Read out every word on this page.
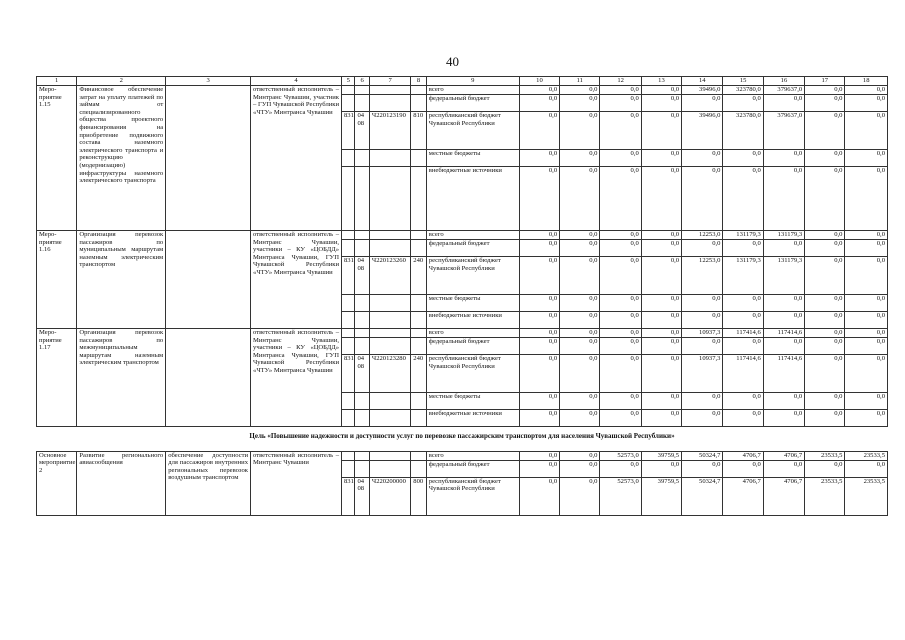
40
1	2	3	4	5	6	7	8	9	10	11	12	13	14	15	16	17	18
Меро-приятие 1.15	Финансовое обеспечение затрат на уплату платежей по займам от специализированного общества проектного финансирования на приобретение подвижного состава наземного электрического транспорта и реконструкцию (модернизацию) инфраструктуры наземного электрического транспорта		ответственный исполнитель – Минтранс Чувашии, участник – ГУП Чувашской Республики «ЧТУ» Минтранса Чувашии					всего	0,0	0,0	0,0	0,0	39496,0	323780,0	379637,0	0,0	0,0
								федеральный бюджет	0,0	0,0	0,0	0,0	0,0	0,0	0,0	0,0	0,0
				831	04 08	Ч220123190	810	республиканский бюджет Чувашской Республики	0,0	0,0	0,0	0,0	39496,0	323780,0	379637,0	0,0	0,0
								местные бюджеты	0,0	0,0	0,0	0,0	0,0	0,0	0,0	0,0	0,0
								внебюджетные источники	0,0	0,0	0,0	0,0	0,0	0,0	0,0	0,0	0,0
Меро-приятие 1.16	Организация перевозок пассажиров по муниципальным маршрутам наземным электрическим транспортом		ответственный исполнитель – Минтранс Чувашии, участники – КУ «ЦОБДД» Минтранса Чувашии, ГУП Чувашской Республики «ЧТУ» Минтранса Чувашии					всего	0,0	0,0	0,0	0,0	12253,0	131179,3	131179,3	0,0	0,0
								федеральный бюджет	0,0	0,0	0,0	0,0	0,0	0,0	0,0	0,0	0,0
				831	04 08	Ч220123260	240	республиканский бюджет Чувашской Республики	0,0	0,0	0,0	0,0	12253,0	131179,3	131179,3	0,0	0,0
								местные бюджеты	0,0	0,0	0,0	0,0	0,0	0,0	0,0	0,0	0,0
								внебюджетные источники	0,0	0,0	0,0	0,0	0,0	0,0	0,0	0,0	0,0
Меро-приятие 1.17	Организация перевозок пассажиров по межмуниципальным маршрутам наземным электрическим транспортом		ответственный исполнитель – Минтранс Чувашии, участники – КУ «ЦОБДД» Минтранса Чувашии, ГУП Чувашской Республики «ЧТУ» Минтранса Чувашии					всего	0,0	0,0	0,0	0,0	10937,3	117414,6	117414,6	0,0	0,0
								федеральный бюджет	0,0	0,0	0,0	0,0	0,0	0,0	0,0	0,0	0,0
				831	04 08	Ч220123280	240	республиканский бюджет Чувашской Республики	0,0	0,0	0,0	0,0	10937,3	117414,6	117414,6	0,0	0,0
								местные бюджеты	0,0	0,0	0,0	0,0	0,0	0,0	0,0	0,0	0,0
								внебюджетные источники	0,0	0,0	0,0	0,0	0,0	0,0	0,0	0,0	0,0
Цель «Повышение надежности и доступности услуг по перевозке пассажирским транспортом для населения Чувашской Республики»																	
Основное мероприятие 2	Развитие регионального авиасообщения	обеспечение доступности для пассажиров внутренних региональных перевозок воздушным транспортом	ответственный исполнитель – Минтранс Чувашии					всего	0,0	0,0	52573,0	39759,5	50324,7	4706,7	4706,7	23533,5	23533,5
								федеральный бюджет	0,0	0,0	0,0	0,0	0,0	0,0	0,0	0,0	0,0
				831	04 08	Ч220200000	800	республиканский бюджет Чувашской Республики	0,0	0,0	52573,0	39759,5	50324,7	4706,7	4706,7	23533,5	23533,5
